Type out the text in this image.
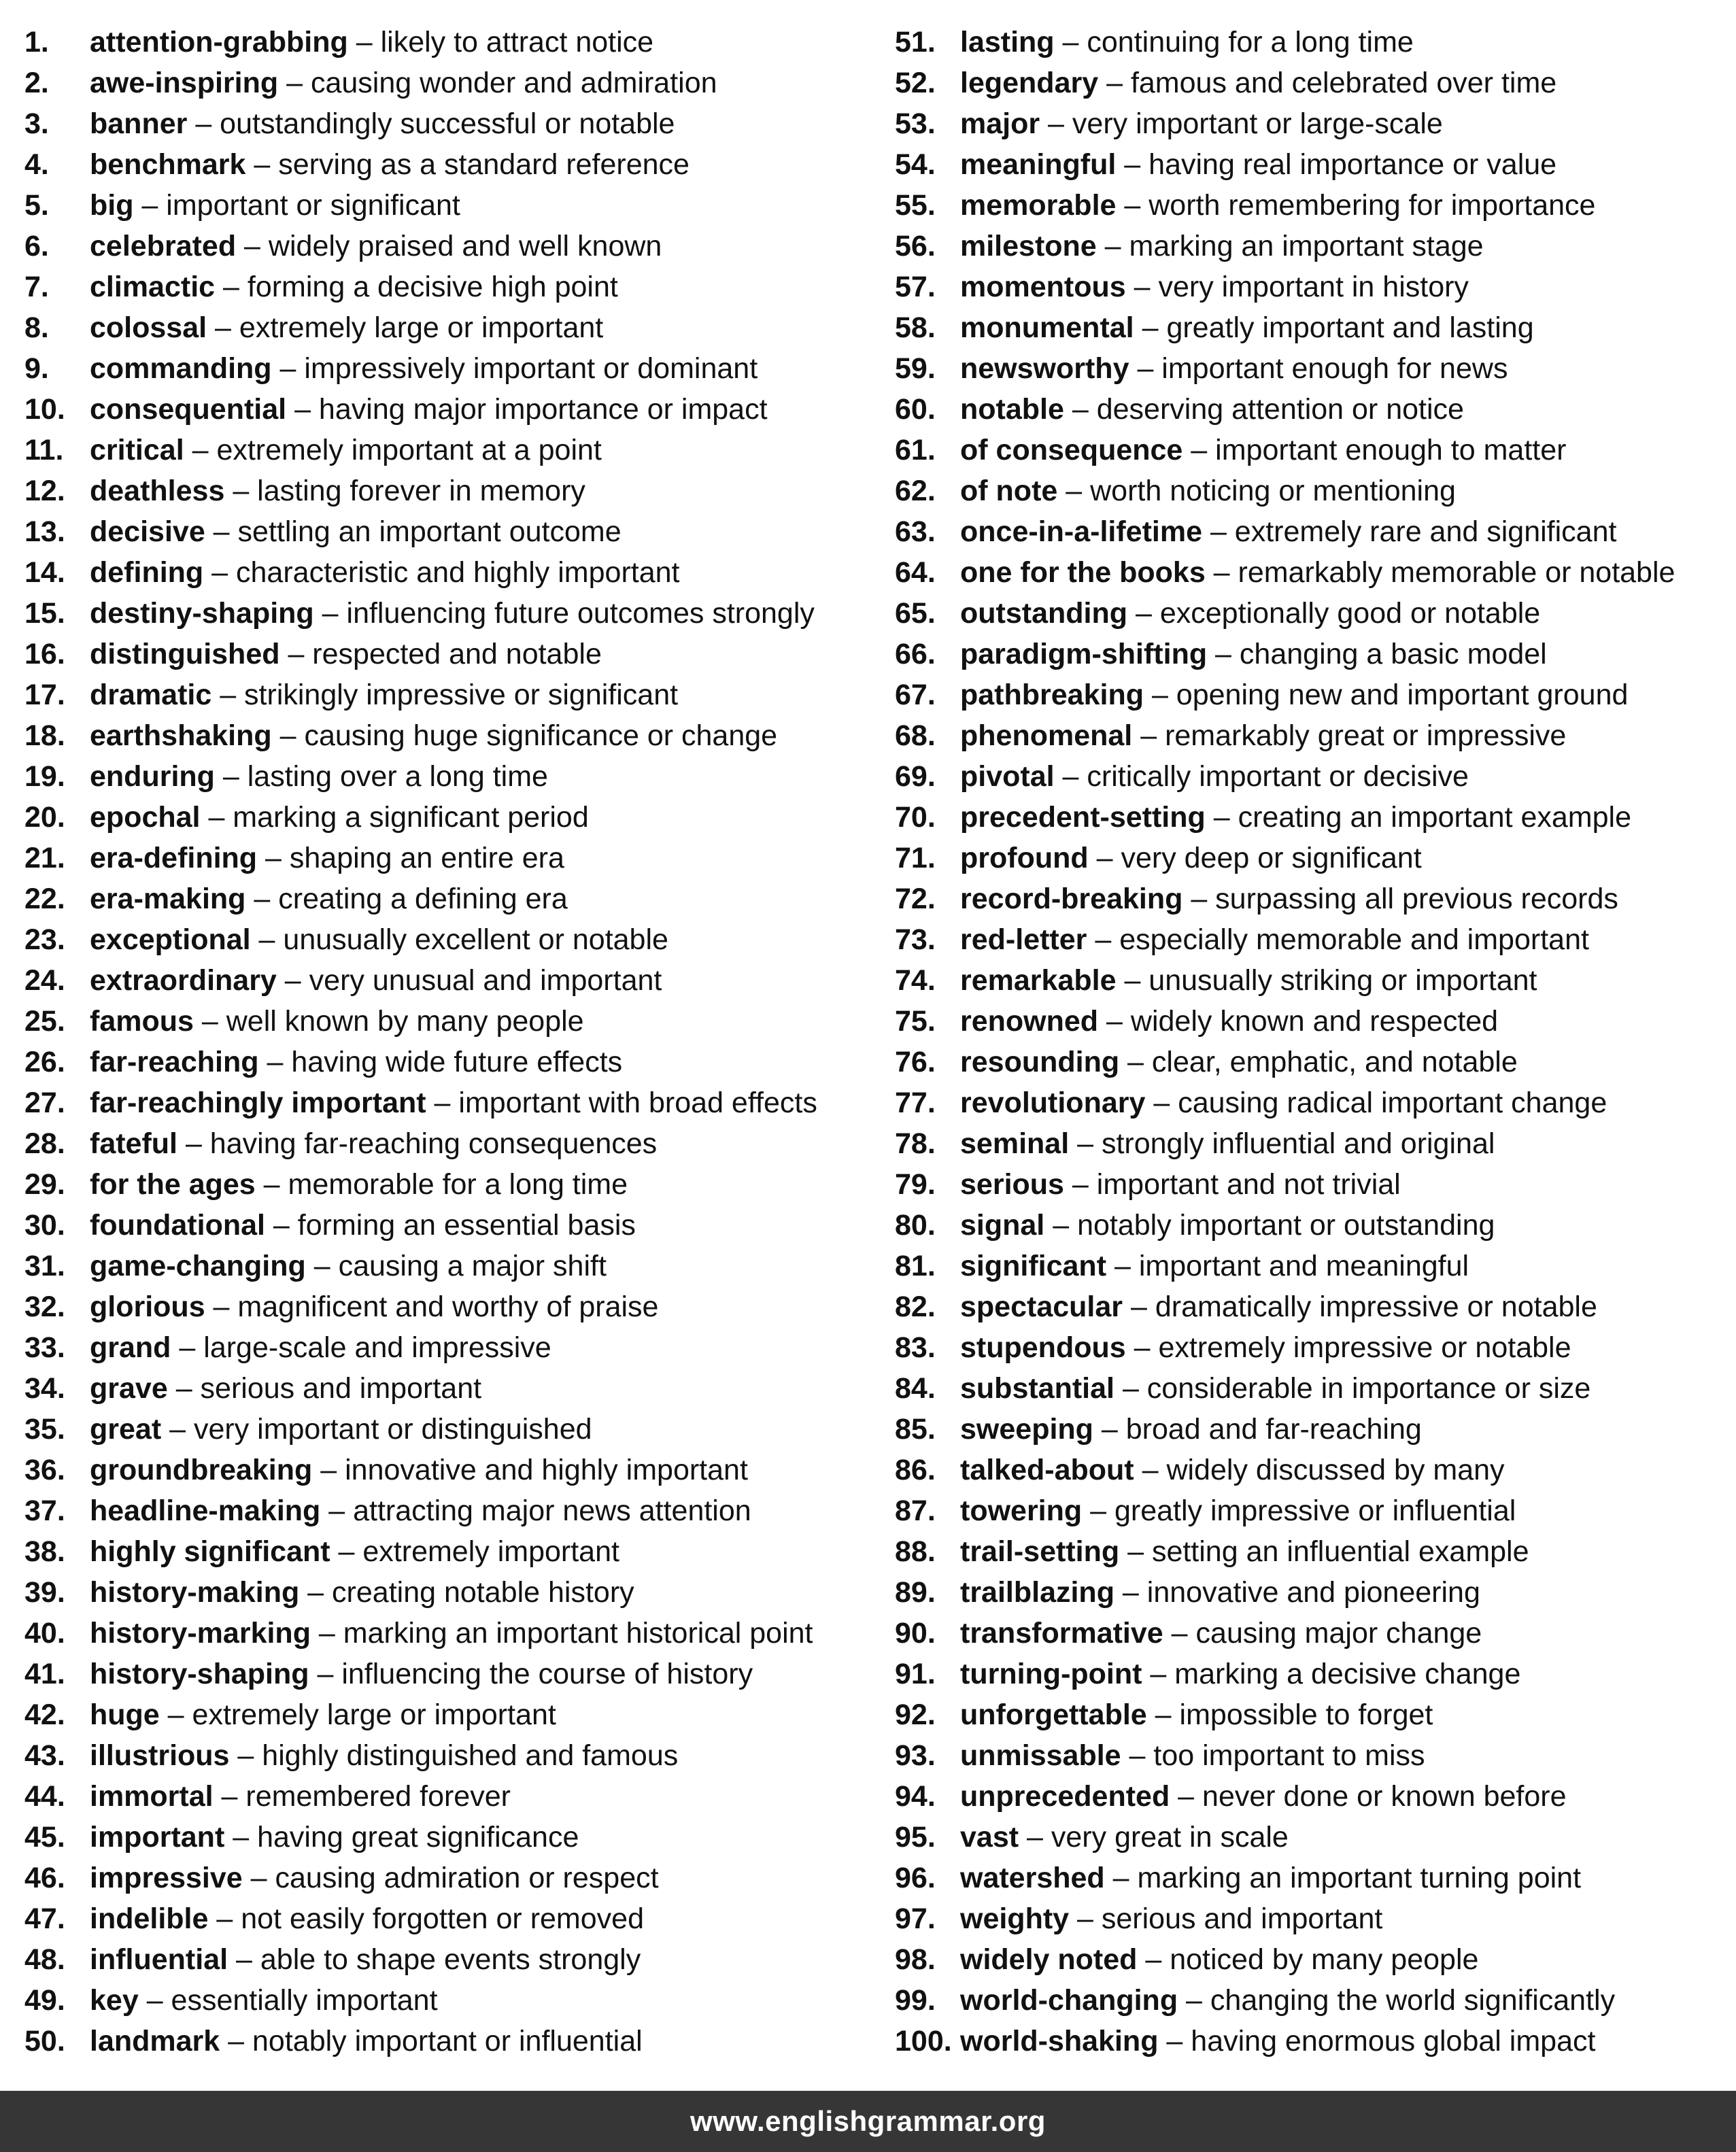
1.	attention-grabbing – likely to attract notice
2.	awe-inspiring – causing wonder and admiration
3.	banner – outstandingly successful or notable
4.	benchmark – serving as a standard reference
5.	big – important or significant
6.	celebrated – widely praised and well known
7.	climactic – forming a decisive high point
8.	colossal – extremely large or important
9.	commanding – impressively important or dominant
10. consequential – having major importance or impact
11. critical – extremely important at a point
12. deathless – lasting forever in memory
13. decisive – settling an important outcome
14. defining – characteristic and highly important
15. destiny-shaping – influencing future outcomes strongly
16. distinguished – respected and notable
17. dramatic – strikingly impressive or significant
18. earthshaking – causing huge significance or change
19. enduring – lasting over a long time
20. epochal – marking a significant period
21. era-defining – shaping an entire era
22. era-making – creating a defining era
23. exceptional – unusually excellent or notable
24. extraordinary – very unusual and important
25. famous – well known by many people
26. far-reaching – having wide future effects
27. far-reachingly important – important with broad effects
28. fateful – having far-reaching consequences
29. for the ages – memorable for a long time
30. foundational – forming an essential basis
31. game-changing – causing a major shift
32. glorious – magnificent and worthy of praise
33. grand – large-scale and impressive
34. grave – serious and important
35. great – very important or distinguished
36. groundbreaking – innovative and highly important
37. headline-making – attracting major news attention
38. highly significant – extremely important
39. history-making – creating notable history
40. history-marking – marking an important historical point
41. history-shaping – influencing the course of history
42. huge – extremely large or important
43. illustrious – highly distinguished and famous
44. immortal – remembered forever
45. important – having great significance
46. impressive – causing admiration or respect
47. indelible – not easily forgotten or removed
48. influential – able to shape events strongly
49. key – essentially important
50. landmark – notably important or influential
51. lasting – continuing for a long time
52. legendary – famous and celebrated over time
53. major – very important or large-scale
54. meaningful – having real importance or value
55. memorable – worth remembering for importance
56. milestone – marking an important stage
57. momentous – very important in history
58. monumental – greatly important and lasting
59. newsworthy – important enough for news
60. notable – deserving attention or notice
61. of consequence – important enough to matter
62. of note – worth noticing or mentioning
63. once-in-a-lifetime – extremely rare and significant
64. one for the books – remarkably memorable or notable
65. outstanding – exceptionally good or notable
66. paradigm-shifting – changing a basic model
67. pathbreaking – opening new and important ground
68. phenomenal – remarkably great or impressive
69. pivotal – critically important or decisive
70. precedent-setting – creating an important example
71. profound – very deep or significant
72. record-breaking – surpassing all previous records
73. red-letter – especially memorable and important
74. remarkable – unusually striking or important
75. renowned – widely known and respected
76. resounding – clear, emphatic, and notable
77. revolutionary – causing radical important change
78. seminal – strongly influential and original
79. serious – important and not trivial
80. signal – notably important or outstanding
81. significant – important and meaningful
82. spectacular – dramatically impressive or notable
83. stupendous – extremely impressive or notable
84. substantial – considerable in importance or size
85. sweeping – broad and far-reaching
86. talked-about – widely discussed by many
87. towering – greatly impressive or influential
88. trail-setting – setting an influential example
89. trailblazing – innovative and pioneering
90. transformative – causing major change
91. turning-point – marking a decisive change
92. unforgettable – impossible to forget
93. unmissable – too important to miss
94. unprecedented – never done or known before
95. vast – very great in scale
96. watershed – marking an important turning point
97. weighty – serious and important
98. widely noted – noticed by many people
99. world-changing – changing the world significantly
100. world-shaking – having enormous global impact
www.englishgrammar.org
